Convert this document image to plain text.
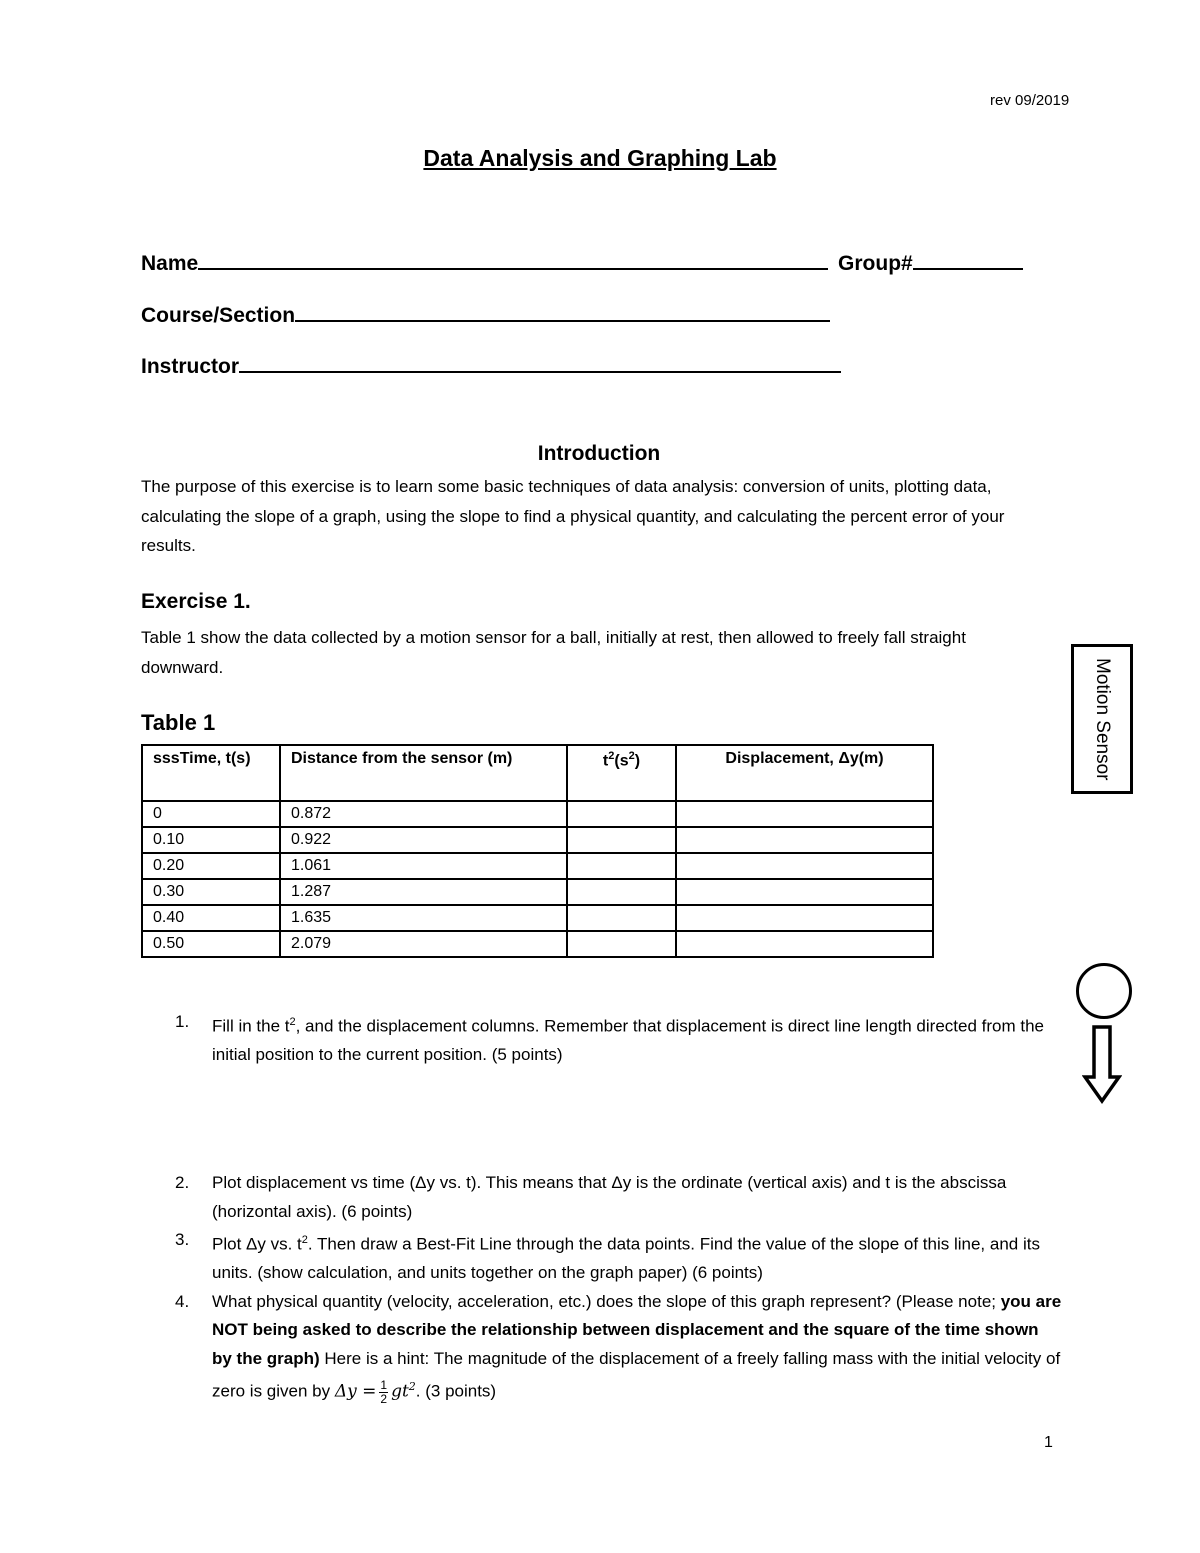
rev 09/2019
Data Analysis and Graphing Lab
Name	Group#
Course/Section
Instructor
Introduction
The purpose of this exercise is to learn some basic techniques of data analysis: conversion of units, plotting data, calculating the slope of a graph, using the slope to find a physical quantity, and calculating the percent error of your results.
Exercise 1.
Table 1 show the data collected by a motion sensor for a ball, initially at rest, then allowed to freely fall straight downward.
Table 1
sssTime, t(s)	Distance from the sensor (m)	$t^2(s^2)$	Displacement, Δy(m)
0	0.872		
0.10	0.922		
0.20	1.061		
0.30	1.287		
0.40	1.635		
0.50	2.079		
1. Fill in the $t^2$, and the displacement columns. Remember that displacement is direct line length directed from the initial position to the current position. (5 points)
2. Plot displacement vs time (Δy vs. t). This means that Δy is the ordinate (vertical axis) and t is the abscissa (horizontal axis). (6 points)
3. Plot Δy vs. $t^2$. Then draw a Best-Fit Line through the data points. Find the value of the slope of this line, and its units. (show calculation, and units together on the graph paper) (6 points)
4. What physical quantity (velocity, acceleration, etc.) does the slope of this graph represent? (Please note; you are NOT being asked to describe the relationship between displacement and the square of the time shown by the graph) Here is a hint: The magnitude of the displacement of a freely falling mass with the initial velocity of zero is given by $\Delta y = \frac{1}{2} gt^2$. (3 points)
Motion Sensor
1
